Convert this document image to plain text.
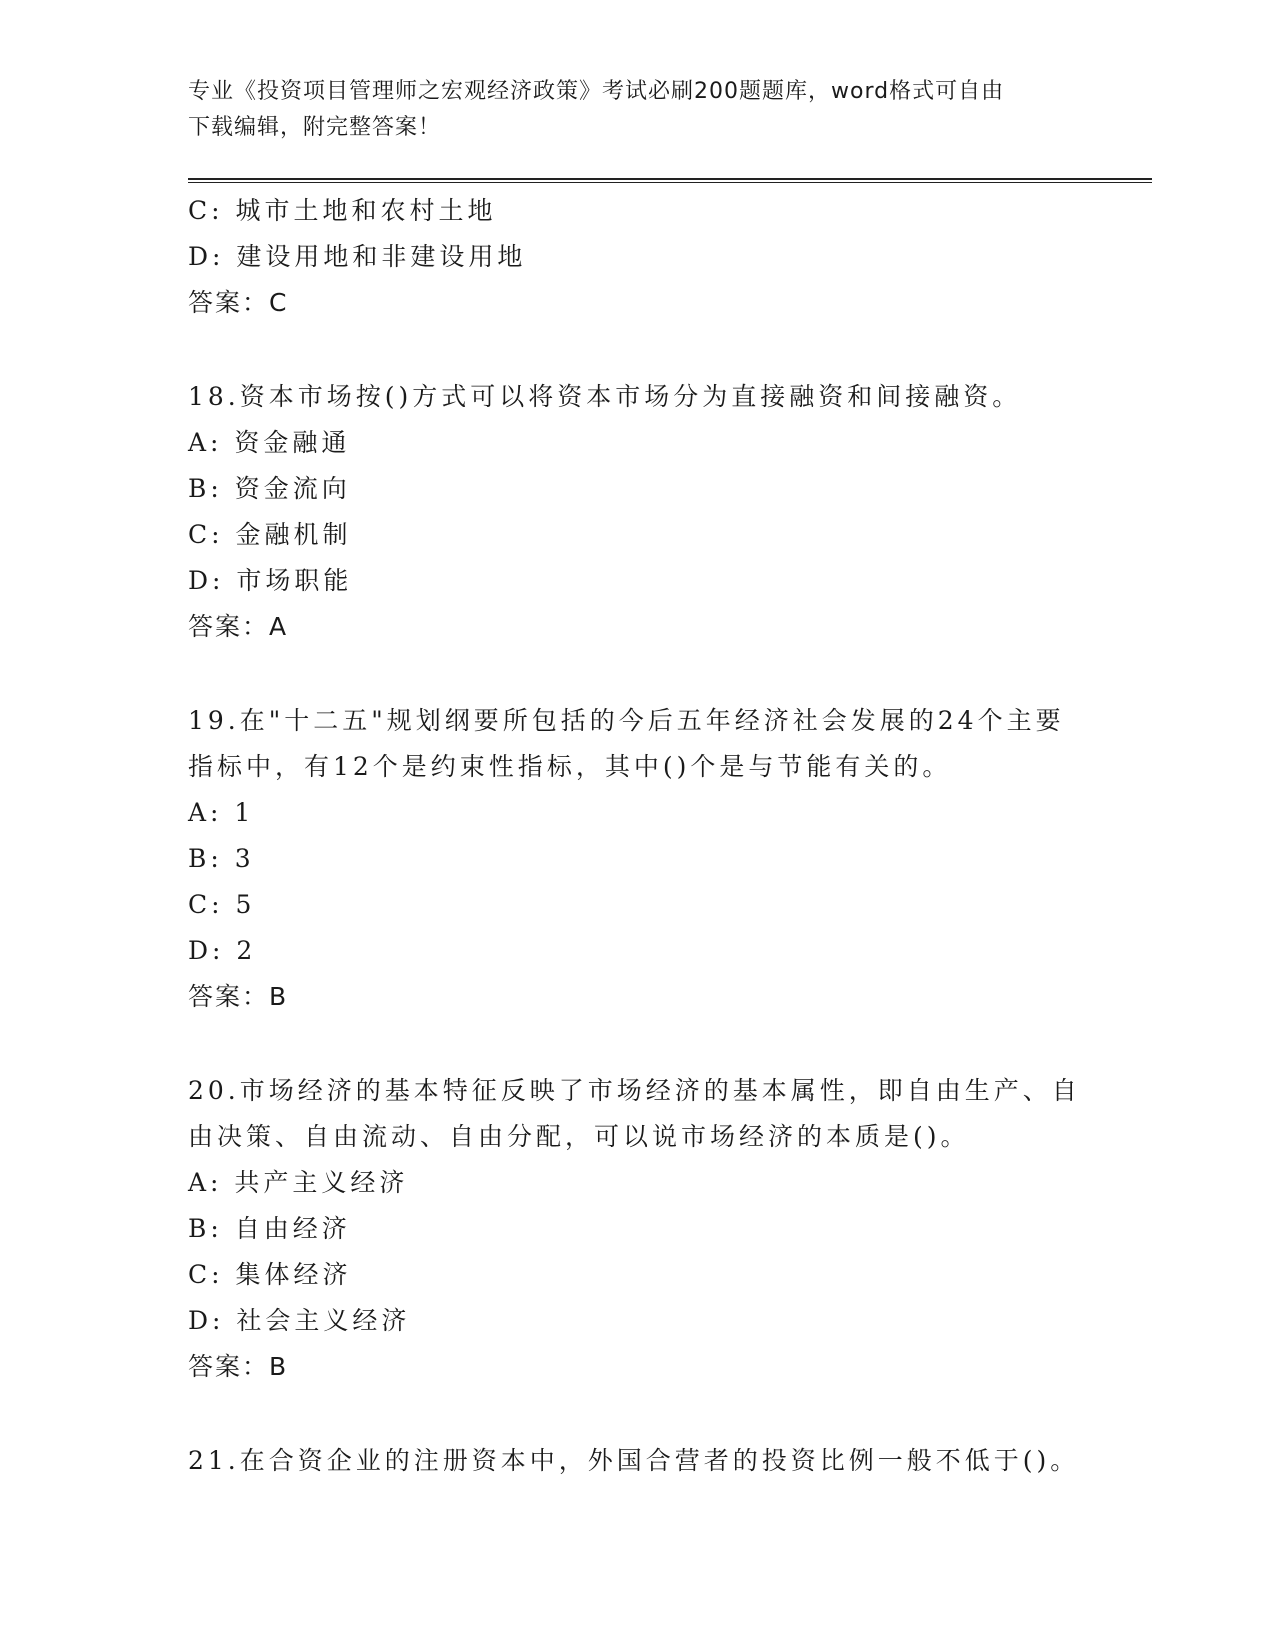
专业《投资项目管理师之宏观经济政策》考试必刷200题题库，word格式可自由
下载编辑，附完整答案！
C: 城市土地和农村土地
D: 建设用地和非建设用地
答案：C
18.资本市场按()方式可以将资本市场分为直接融资和间接融资。
A: 资金融通
B: 资金流向
C: 金融机制
D: 市场职能
答案：A
19.在"十二五"规划纲要所包括的今后五年经济社会发展的24个主要
指标中，有12个是约束性指标，其中()个是与节能有关的。
A: 1
B: 3
C: 5
D: 2
答案：B
20.市场经济的基本特征反映了市场经济的基本属性，即自由生产、自
由决策、自由流动、自由分配，可以说市场经济的本质是()。
A: 共产主义经济
B: 自由经济
C: 集体经济
D: 社会主义经济
答案：B
21.在合资企业的注册资本中，外国合营者的投资比例一般不低于()。
